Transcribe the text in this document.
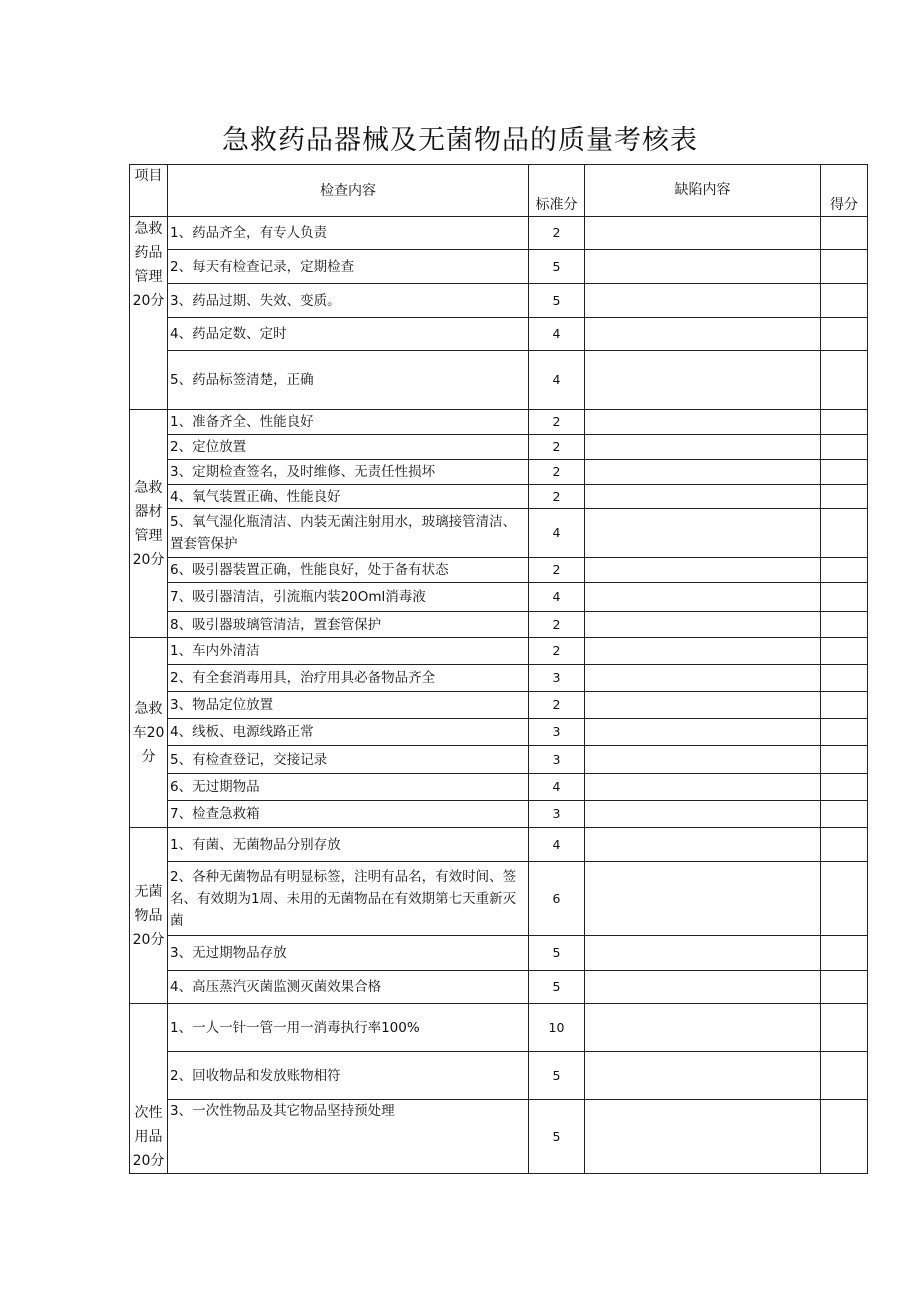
急救药品器械及无菌物品的质量考核表
项目	检查内容	标准分	缺陷内容	得分
急救药品管理20分	1、药品齐全，有专人负责	2		
	2、每天有检查记录，定期检查	5		
	3、药品过期、失效、变质。	5		
	4、药品定数、定时	4		
	5、药品标签清楚，正确	4		
急救器材管理20分	1、准备齐全、性能良好	2		
	2、定位放置	2		
	3、定期检查签名，及时维修、无责任性损坏	2		
	4、氧气装置正确、性能良好	2		
	5、氧气湿化瓶清洁、内装无菌注射用水，玻璃接管清洁、置套管保护	4		
	6、吸引器装置正确，性能良好，处于备有状态	2		
	7、吸引器清洁，引流瓶内装20Oml消毒液	4		
	8、吸引器玻璃管清洁，置套管保护	2		
急救车20分	1、车内外清洁	2		
	2、有全套消毒用具，治疗用具必备物品齐全	3		
	3、物品定位放置	2		
	4、线板、电源线路正常	3		
	5、有检查登记，交接记录	3		
	6、无过期物品	4		
	7、检查急救箱	3		
无菌物品20分	1、有菌、无菌物品分别存放	4		
	2、各种无菌物品有明显标签，注明有品名，有效时间、签名、有效期为1周、未用的无菌物品在有效期第七天重新灭菌	6		
	3、无过期物品存放	5		
	4、高压蒸汽灭菌监测灭菌效果合格	5		
次性用品20分	1、一人一针一管一用一消毒执行率100%	10		
	2、回收物品和发放账物相符	5		
	3、一次性物品及其它物品坚持预处理	5		
